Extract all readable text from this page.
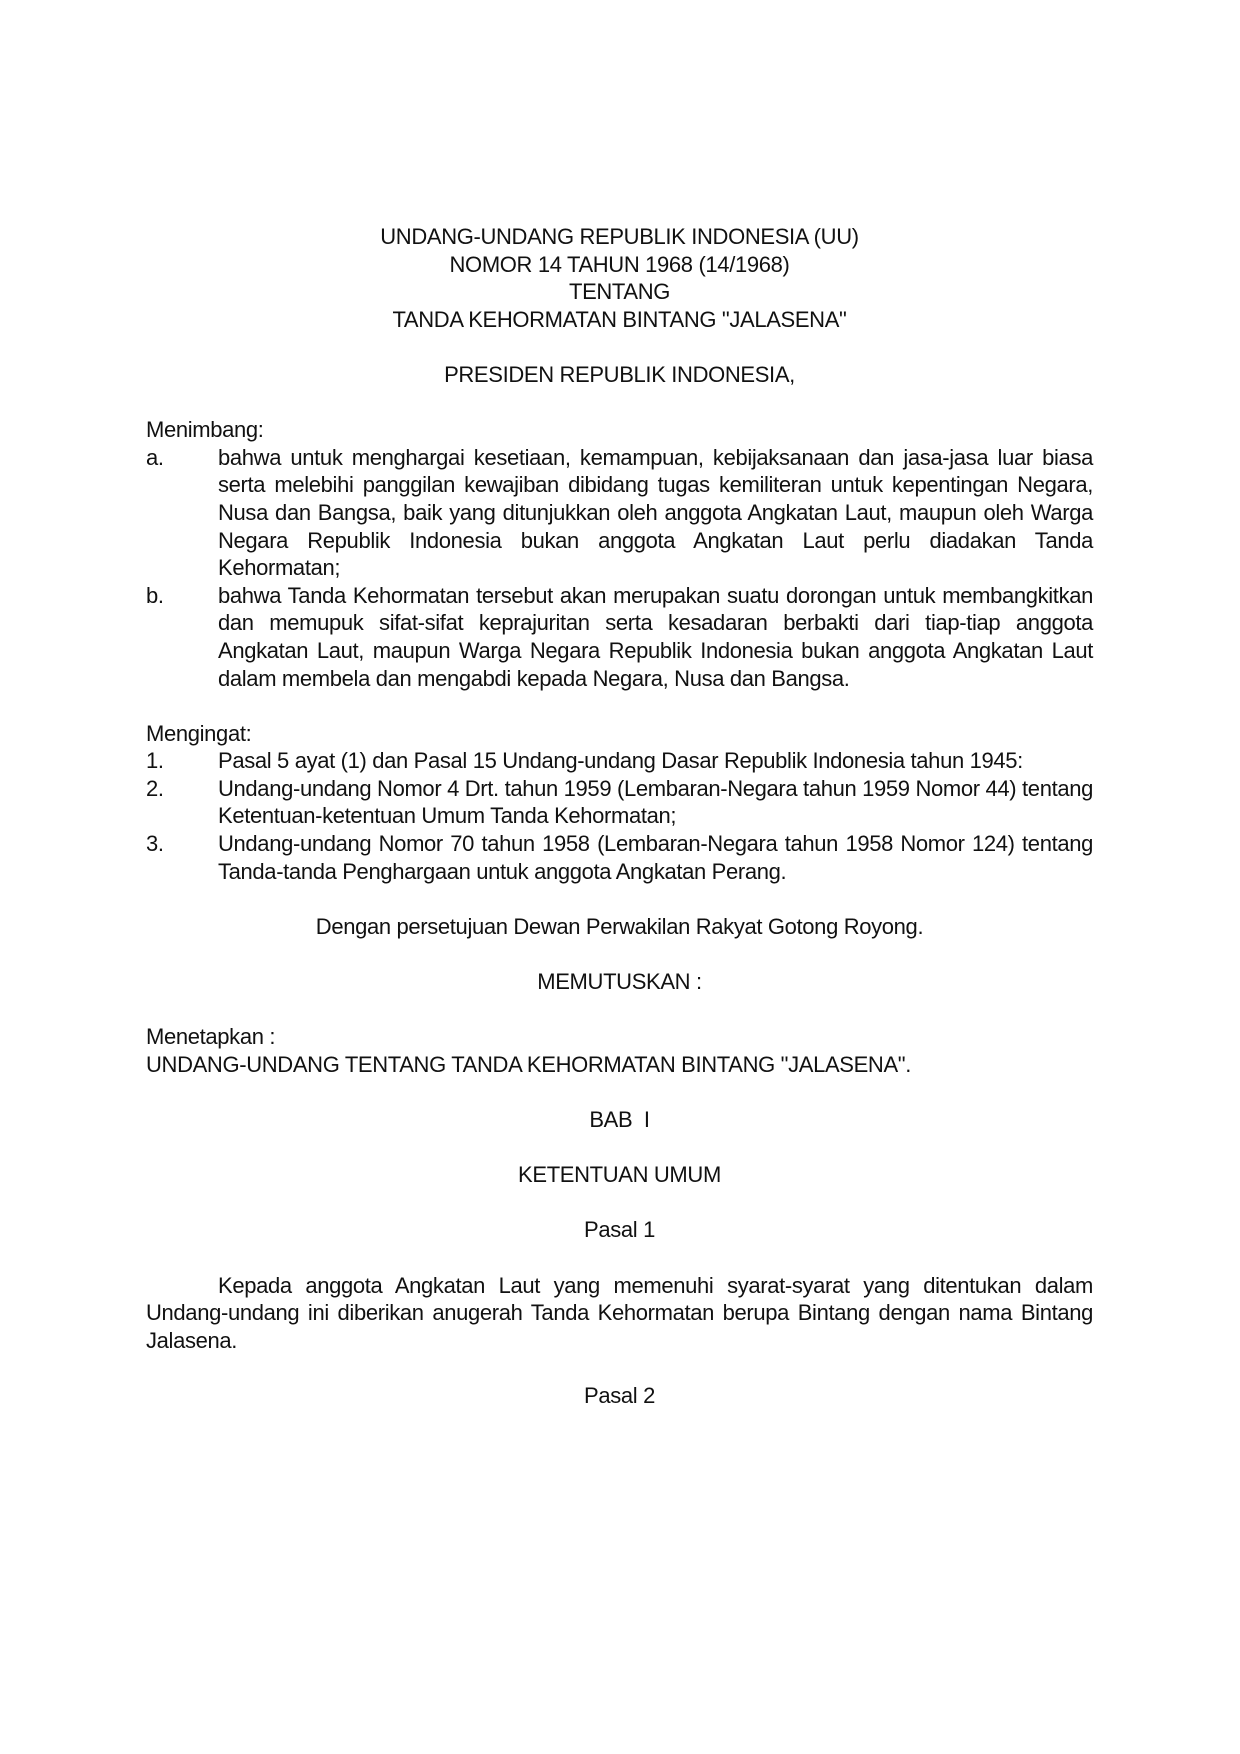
UNDANG-UNDANG REPUBLIK INDONESIA (UU)
NOMOR 14 TAHUN 1968 (14/1968)
TENTANG
TANDA KEHORMATAN BINTANG "JALASENA"
PRESIDEN REPUBLIK INDONESIA,
Menimbang:
a.	bahwa untuk menghargai kesetiaan, kemampuan, kebijaksanaan dan jasa-jasa luar biasa serta melebihi panggilan kewajiban dibidang tugas kemiliteran untuk kepentingan Negara, Nusa dan Bangsa, baik yang ditunjukkan oleh anggota Angkatan Laut, maupun oleh Warga Negara Republik Indonesia bukan anggota Angkatan Laut perlu diadakan Tanda Kehormatan;
b.	bahwa Tanda Kehormatan tersebut akan merupakan suatu dorongan untuk membangkitkan dan memupuk sifat-sifat keprajuritan serta kesadaran berbakti dari tiap-tiap anggota Angkatan Laut, maupun Warga Negara Republik Indonesia bukan anggota Angkatan Laut dalam membela dan mengabdi kepada Negara, Nusa dan Bangsa.
Mengingat:
1.	Pasal 5 ayat (1) dan Pasal 15 Undang-undang Dasar Republik Indonesia tahun 1945:
2.	Undang-undang Nomor 4 Drt. tahun 1959 (Lembaran-Negara tahun 1959 Nomor 44) tentang Ketentuan-ketentuan Umum Tanda Kehormatan;
3.	Undang-undang Nomor 70 tahun 1958 (Lembaran-Negara tahun 1958 Nomor 124) tentang Tanda-tanda Penghargaan untuk anggota Angkatan Perang.
Dengan persetujuan Dewan Perwakilan Rakyat Gotong Royong.
MEMUTUSKAN :
Menetapkan :
UNDANG-UNDANG TENTANG TANDA KEHORMATAN BINTANG "JALASENA".
BAB  I
KETENTUAN UMUM
Pasal 1
Kepada anggota Angkatan Laut yang memenuhi syarat-syarat yang ditentukan dalam Undang-undang ini diberikan anugerah Tanda Kehormatan berupa Bintang dengan nama Bintang Jalasena.
Pasal 2
